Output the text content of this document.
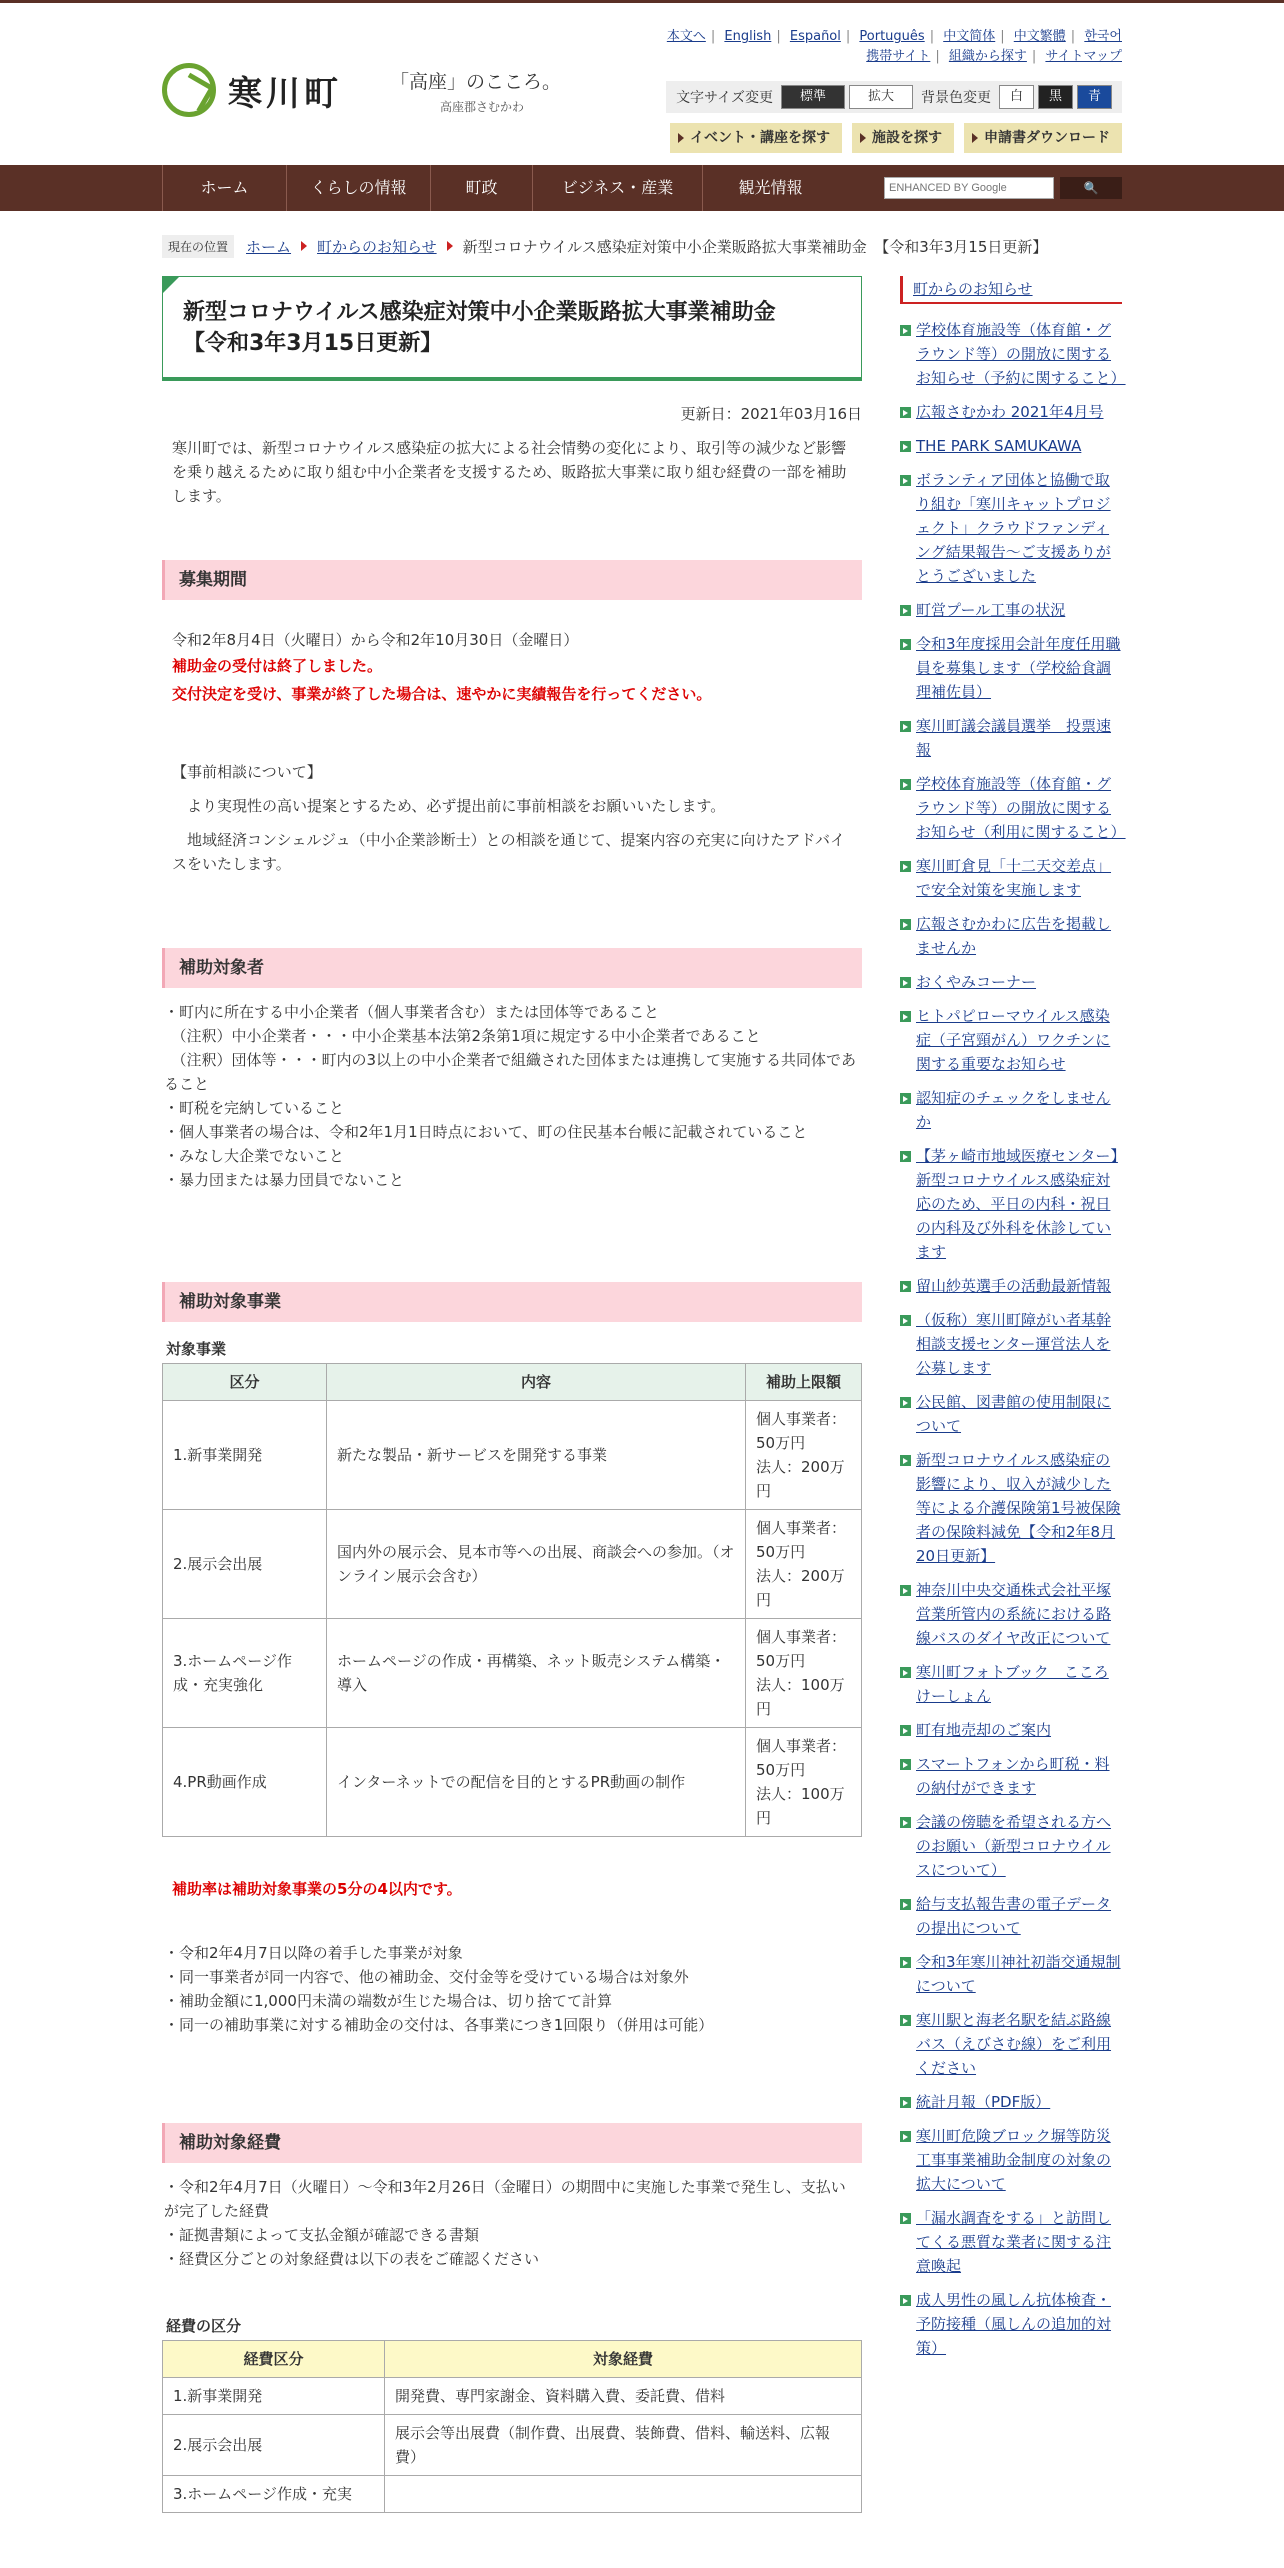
寒川町	「高座」のこころ。
高座郡さむかわ
本文へ | English | Español | Português | 中文简体 | 中文繁體 | 한국어
携帯サイト | 組織から探す | サイトマップ
文字サイズ変更	標準	拡大	背景色変更	白	黒	青
イベント・講座を探す	施設を探す	申請書ダウンロード
ホーム	くらしの情報	町政	ビジネス・産業	観光情報
ENHANCED BY Google	🔍
現在の位置	ホーム 町からのお知らせ 新型コロナウイルス感染症対策中小企業販路拡大事業補助金　【令和3年3月15日更新】
新型コロナウイルス感染症対策中小企業販路拡大事業補助金
【令和3年3月15日更新】
更新日：2021年03月16日
寒川町では、新型コロナウイルス感染症の拡大による社会情勢の変化により、取引等の減少など影響を乗り越えるために取り組む中小企業者を支援するため、販路拡大事業に取り組む経費の一部を補助します。
募集期間
令和2年8月4日（火曜日）から令和2年10月30日（金曜日）
補助金の受付は終了しました。
交付決定を受け、事業が終了した場合は、速やかに実績報告を行ってください。
【事前相談について】
　より実現性の高い提案とするため、必ず提出前に事前相談をお願いいたします。
　地域経済コンシェルジュ（中小企業診断士）との相談を通じて、提案内容の充実に向けたアドバイスをいたします。
補助対象者
・町内に所在する中小企業者（個人事業者含む）または団体等であること
　（注釈）中小企業者・・・中小企業基本法第2条第1項に規定する中小企業者であること
　（注釈）団体等・・・町内の3以上の中小企業者で組織された団体または連携して実施する共同体であること
・町税を完納していること
・個人事業者の場合は、令和2年1月1日時点において、町の住民基本台帳に記載されていること
・みなし大企業でないこと
・暴力団または暴力団員でないこと
補助対象事業
対象事業
区分	内容	補助上限額
1.新事業開発	新たな製品・新サービスを開発する事業	個人事業者：50万円
法人：200万円
2.展示会出展	国内外の展示会、見本市等への出展、商談会への参加。（オンライン展示会含む）	個人事業者：50万円
法人：200万円
3.ホームページ作成・充実強化	ホームページの作成・再構築、ネット販売システム構築・導入	個人事業者：50万円
法人：100万円
4.PR動画作成	インターネットでの配信を目的とするPR動画の制作	個人事業者：50万円
法人：100万円
補助率は補助対象事業の5分の4以内です。
・令和2年4月7日以降の着手した事業が対象
・同一事業者が同一内容で、他の補助金、交付金等を受けている場合は対象外
・補助金額に1,000円未満の端数が生じた場合は、切り捨てて計算
・同一の補助事業に対する補助金の交付は、各事業につき1回限り（併用は可能）
補助対象経費
・令和2年4月7日（火曜日）～令和3年2月26日（金曜日）の期間中に実施した事業で発生し、支払いが完了した経費
・証拠書類によって支払金額が確認できる書類
・経費区分ごとの対象経費は以下の表をご確認ください
経費の区分
経費区分	対象経費
1.新事業開発	開発費、専門家謝金、資料購入費、委託費、借料
2.展示会出展	展示会等出展費（制作費、出展費、装飾費、借料、輸送料、広報費）
3.ホームページ作成・充実	
町からのお知らせ
学校体育施設等（体育館・グラウンド等）の開放に関するお知らせ（予約に関すること）
広報さむかわ 2021年4月号
THE PARK SAMUKAWA
ボランティア団体と協働で取り組む「寒川キャットプロジェクト」クラウドファンディング結果報告～ご支援ありがとうございました
町営プール工事の状況
令和3年度採用会計年度任用職員を募集します（学校給食調理補佐員）
寒川町議会議員選挙　投票速報
学校体育施設等（体育館・グラウンド等）の開放に関するお知らせ（利用に関すること）
寒川町倉見「十二天交差点」で安全対策を実施します
広報さむかわに広告を掲載しませんか
おくやみコーナー
ヒトパピローマウイルス感染症（子宮頸がん）ワクチンに関する重要なお知らせ
認知症のチェックをしませんか
【茅ヶ崎市地域医療センター】新型コロナウイルス感染症対応のため、平日の内科・祝日の内科及び外科を休診しています
留山紗英選手の活動最新情報
（仮称）寒川町障がい者基幹相談支援センター運営法人を公募します
公民館、図書館の使用制限について
新型コロナウイルス感染症の影響により、収入が減少した等による介護保険第1号被保険者の保険料減免【令和2年8月20日更新】
神奈川中央交通株式会社平塚営業所管内の系統における路線バスのダイヤ改正について
寒川町フォトブック　こころけーしょん
町有地売却のご案内
スマートフォンから町税・料の納付ができます
会議の傍聴を希望される方へのお願い（新型コロナウイルスについて）
給与支払報告書の電子データの提出について
令和3年寒川神社初詣交通規制について
寒川駅と海老名駅を結ぶ路線バス（えびさむ線）をご利用ください
統計月報（PDF版）
寒川町危険ブロック塀等防災工事事業補助金制度の対象の拡大について
「漏水調査をする」と訪問してくる悪質な業者に関する注意喚起
成人男性の風しん抗体検査・予防接種（風しんの追加的対策）
